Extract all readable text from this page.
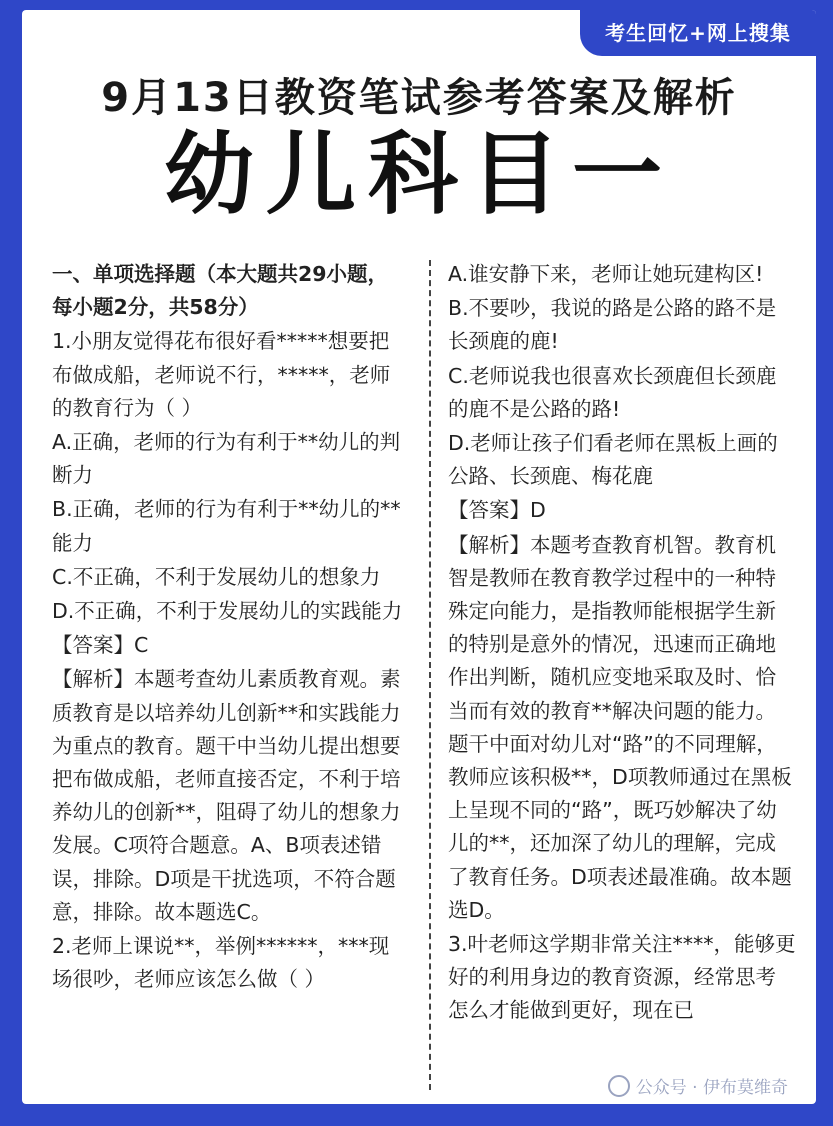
考生回忆+网上搜集
9月13日教资笔试参考答案及解析
幼儿科目一

一、单项选择题（本大题共29小题，每小题2分，共58分）

1.小朋友觉得花布很好看*****想要把布做成船，老师说不行，*****，老师的教育行为（ ）

A.正确，老师的行为有利于**幼儿的判断力

B.正确，老师的行为有利于**幼儿的**能力

C.不正确，不利于发展幼儿的想象力

D.不正确，不利于发展幼儿的实践能力

【答案】C

【解析】本题考查幼儿素质教育观。素质教育是以培养幼儿创新**和实践能力为重点的教育。题干中当幼儿提出想要把布做成船，老师直接否定，不利于培养幼儿的创新**，阻碍了幼儿的想象力发展。C项符合题意。A、B项表述错误，排除。D项是干扰选项，不符合题意，排除。故本题选C。

2.老师上课说**，举例******，***现场很吵，老师应该怎么做（ ）

A.谁安静下来，老师让她玩建构区!

B.不要吵，我说的路是公路的路不是长颈鹿的鹿!

C.老师说我也很喜欢长颈鹿但长颈鹿的鹿不是公路的路!

D.老师让孩子们看老师在黑板上画的公路、长颈鹿、梅花鹿

【答案】D

【解析】本题考查教育机智。教育机智是教师在教育教学过程中的一种特殊定向能力，是指教师能根据学生新的特别是意外的情况，迅速而正确地作出判断，随机应变地采取及时、恰当而有效的教育**解决问题的能力。题干中面对幼儿对“路”的不同理解，教师应该积极**，D项教师通过在黑板上呈现不同的“路”，既巧妙解决了幼儿的**，还加深了幼儿的理解，完成了教育任务。D项表述最准确。故本题选D。

3.叶老师这学期非常关注****，能够更好的利用身边的教育资源，经常思考怎么才能做到更好，现在已

公众号 · 伊布莫维奇
